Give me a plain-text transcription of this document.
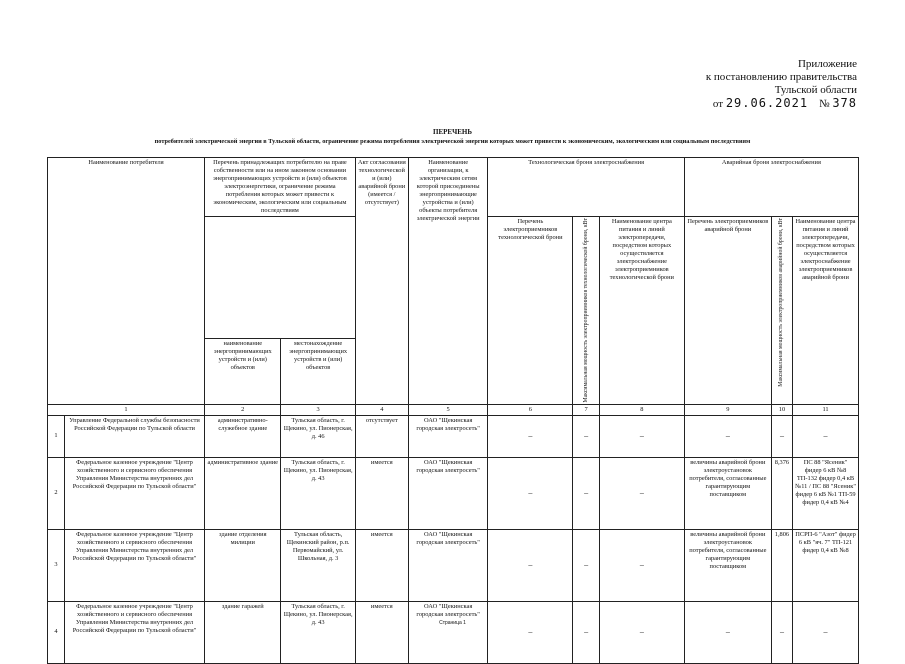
Приложение
к постановлению правительства
Тульской области
от 29.06.2021 № 378
ПЕРЕЧЕНЬ
потребителей электрической энергии в Тульской области, ограничение режима потребления электрической энергии которых может привести к экономическим, экологическим или социальным последствиям
Наименование потребителя		Перечень принадлежащих потребителю на праве собственности или на ином законном основании энергопринимающих устройств и (или) объектов электроэнергетики, ограничение режима потребления которых может привести к экономическим, экологическим или социальным последствиям		Акт согласования технологической и (или) аварийной брони (имеется / отсутствует)	Наименование организации, к электрическим сетям которой присоединены энергопринимающие устройства и (или) объекты потребителя электрической энергии	Технологическая броня электроснабжения			Аварийная броня электроснабжения		
						Перечень электроприемников технологической брони	Максимальная мощность электроприемников технологической брони, кВт	Наименование центра питания и линий электропередачи, посредством которых осуществляется электроснабжение электроприемников технологической брони	Перечень электроприемников аварийной брони	Максимальная мощность электроприемников аварийной брони, кВт	Наименование центра питания и линий электропередачи, посредством которых осуществляется электроснабжение электроприемников аварийной брони
		наименование энергопринимающих устройств и (или) объектов	местонахождение энергопринимающих устройств и (или) объектов								
1		2	3	4	5	6	7	8	9	10	11
1	Управление Федеральной службы безопасности Российской Федерации по Тульской области	административно-служебное здание	Тульская область, г. Щекино, ул. Пионерская, д. 46	отсутствует	ОАО "Щекинская городская электросеть"	–	–	–	–	–	–
2	Федеральное казенное учреждение "Центр хозяйственного и сервисного обеспечения Управления Министерства внутренних дел Российской Федерации по Тульской области"	административное здание	Тульская область, г. Щекино, ул. Пионерская, д. 43	имеется	ОАО "Щекинская городская электросеть"	–	–	–	величины аварийной брони электроустановок потребителя, согласованные гарантирующим поставщиком	8,376	ПС 88 "Ясеник" фидер 6 кВ №8 ТП-132 фидер 0,4 кВ №11 / ПС 88 "Ясеник" фидер 6 кВ №1 ТП-59 фидер 0,4 кВ №4
3	Федеральное казенное учреждение "Центр хозяйственного и сервисного обеспечения Управления Министерства внутренних дел Российской Федерации по Тульской области"	здание отделения милиции	Тульская область, Щекинский район, р.п. Первомайский, ул. Школьная, д. 3	имеется	ОАО "Щекинская городская электросеть"	–	–	–	величины аварийной брони электроустановок потребителя, согласованные гарантирующим поставщиком	1,806	ПСРП-6 "Азот" фидер 6 кВ "яч. 7" ТП-121 фидер 0,4 кВ №8
4	Федеральное казенное учреждение "Центр хозяйственного и сервисного обеспечения Управления Министерства внутренних дел Российской Федерации по Тульской области"	здание гаражей	Тульская область, г. Щекино, ул. Пионерская, д. 43	имеется	ОАО "Щекинская городская электросеть"	–	–	–	–	–	–
Страница 1
